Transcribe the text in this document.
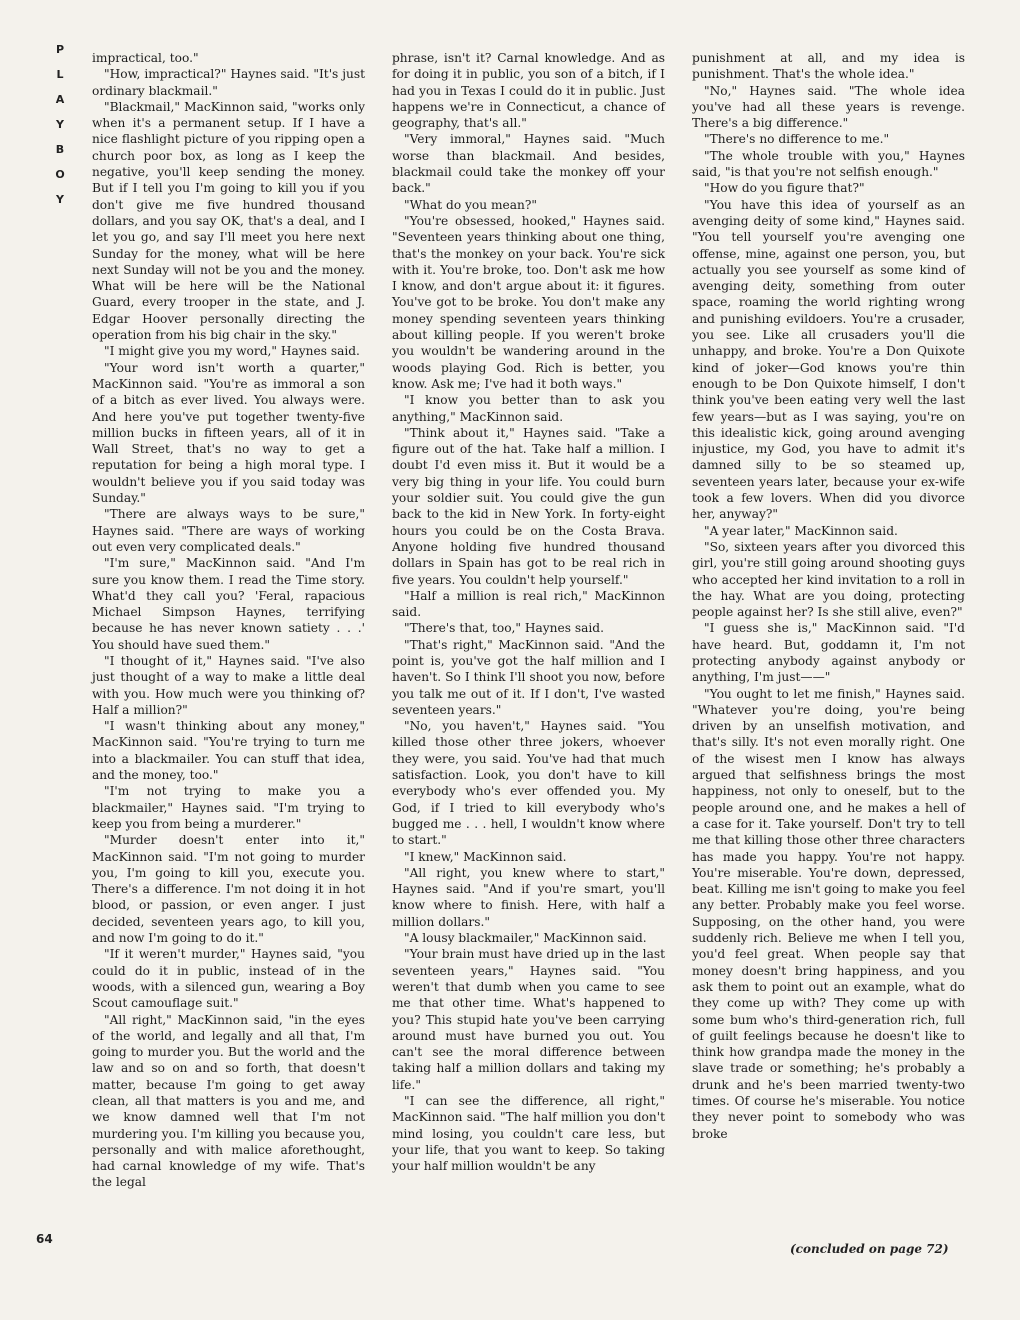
P
L
A
Y
B
O
Y

impractical, too."

"How, impractical?" Haynes said. "It's just ordinary blackmail."

"Blackmail," MacKinnon said, "works only when it's a permanent setup. If I have a nice flashlight picture of you ripping open a church poor box, as long as I keep the negative, you'll keep sending the money. But if I tell you I'm going to kill you if you don't give me five hundred thousand dollars, and you say OK, that's a deal, and I let you go, and say I'll meet you here next Sunday for the money, what will be here next Sunday will not be you and the money. What will be here will be the National Guard, every trooper in the state, and J. Edgar Hoover personally directing the operation from his big chair in the sky."

"I might give you my word," Haynes said.

"Your word isn't worth a quarter," MacKinnon said. "You're as immoral a son of a bitch as ever lived. You always were. And here you've put together twenty-five million bucks in fifteen years, all of it in Wall Street, that's no way to get a reputation for being a high moral type. I wouldn't believe you if you said today was Sunday."

"There are always ways to be sure," Haynes said. "There are ways of working out even very complicated deals."

"I'm sure," MacKinnon said. "And I'm sure you know them. I read the Time story. What'd they call you? 'Feral, rapacious Michael Simpson Haynes, terrifying because he has never known satiety . . .' You should have sued them."

"I thought of it," Haynes said. "I've also just thought of a way to make a little deal with you. How much were you thinking of? Half a million?"

"I wasn't thinking about any money," MacKinnon said. "You're trying to turn me into a blackmailer. You can stuff that idea, and the money, too."

"I'm not trying to make you a blackmailer," Haynes said. "I'm trying to keep you from being a murderer."

"Murder doesn't enter into it," MacKinnon said. "I'm not going to murder you, I'm going to kill you, execute you. There's a difference. I'm not doing it in hot blood, or passion, or even anger. I just decided, seventeen years ago, to kill you, and now I'm going to do it."

"If it weren't murder," Haynes said, "you could do it in public, instead of in the woods, with a silenced gun, wearing a Boy Scout camouflage suit."

"All right," MacKinnon said, "in the eyes of the world, and legally and all that, I'm going to murder you. But the world and the law and so on and so forth, that doesn't matter, because I'm going to get away clean, all that matters is you and me, and we know damned well that I'm not murdering you. I'm killing you because you, personally and with malice aforethought, had carnal knowledge of my wife. That's the legal

phrase, isn't it? Carnal knowledge. And as for doing it in public, you son of a bitch, if I had you in Texas I could do it in public. Just happens we're in Connecticut, a chance of geography, that's all."

"Very immoral," Haynes said. "Much worse than blackmail. And besides, blackmail could take the monkey off your back."

"What do you mean?"

"You're obsessed, hooked," Haynes said. "Seventeen years thinking about one thing, that's the monkey on your back. You're sick with it. You're broke, too. Don't ask me how I know, and don't argue about it: it figures. You've got to be broke. You don't make any money spending seventeen years thinking about killing people. If you weren't broke you wouldn't be wandering around in the woods playing God. Rich is better, you know. Ask me; I've had it both ways."

"I know you better than to ask you anything," MacKinnon said.

"Think about it," Haynes said. "Take a figure out of the hat. Take half a million. I doubt I'd even miss it. But it would be a very big thing in your life. You could burn your soldier suit. You could give the gun back to the kid in New York. In forty-eight hours you could be on the Costa Brava. Anyone holding five hundred thousand dollars in Spain has got to be real rich in five years. You couldn't help yourself."

"Half a million is real rich," MacKinnon said.

"There's that, too," Haynes said.

"That's right," MacKinnon said. "And the point is, you've got the half million and I haven't. So I think I'll shoot you now, before you talk me out of it. If I don't, I've wasted seventeen years."

"No, you haven't," Haynes said. "You killed those other three jokers, whoever they were, you said. You've had that much satisfaction. Look, you don't have to kill everybody who's ever offended you. My God, if I tried to kill everybody who's bugged me . . . hell, I wouldn't know where to start."

"I knew," MacKinnon said.

"All right, you knew where to start," Haynes said. "And if you're smart, you'll know where to finish. Here, with half a million dollars."

"A lousy blackmailer," MacKinnon said.

"Your brain must have dried up in the last seventeen years," Haynes said. "You weren't that dumb when you came to see me that other time. What's happened to you? This stupid hate you've been carrying around must have burned you out. You can't see the moral difference between taking half a million dollars and taking my life."

"I can see the difference, all right," MacKinnon said. "The half million you don't mind losing, you couldn't care less, but your life, that you want to keep. So taking your half million wouldn't be any

punishment at all, and my idea is punishment. That's the whole idea."

"No," Haynes said. "The whole idea you've had all these years is revenge. There's a big difference."

"There's no difference to me."

"The whole trouble with you," Haynes said, "is that you're not selfish enough."

"How do you figure that?"

"You have this idea of yourself as an avenging deity of some kind," Haynes said. "You tell yourself you're avenging one offense, mine, against one person, you, but actually you see yourself as some kind of avenging deity, something from outer space, roaming the world righting wrong and punishing evildoers. You're a crusader, you see. Like all crusaders you'll die unhappy, and broke. You're a Don Quixote kind of joker—God knows you're thin enough to be Don Quixote himself, I don't think you've been eating very well the last few years—but as I was saying, you're on this idealistic kick, going around avenging injustice, my God, you have to admit it's damned silly to be so steamed up, seventeen years later, because your ex-wife took a few lovers. When did you divorce her, anyway?"

"A year later," MacKinnon said.

"So, sixteen years after you divorced this girl, you're still going around shooting guys who accepted her kind invitation to a roll in the hay. What are you doing, protecting people against her? Is she still alive, even?"

"I guess she is," MacKinnon said. "I'd have heard. But, goddamn it, I'm not protecting anybody against anybody or anything, I'm just——"

"You ought to let me finish," Haynes said. "Whatever you're doing, you're being driven by an unselfish motivation, and that's silly. It's not even morally right. One of the wisest men I know has always argued that selfishness brings the most happiness, not only to oneself, but to the people around one, and he makes a hell of a case for it. Take yourself. Don't try to tell me that killing those other three characters has made you happy. You're not happy. You're miserable. You're down, depressed, beat. Killing me isn't going to make you feel any better. Probably make you feel worse. Supposing, on the other hand, you were suddenly rich. Believe me when I tell you, you'd feel great. When people say that money doesn't bring happiness, and you ask them to point out an example, what do they come up with? They come up with some bum who's third-generation rich, full of guilt feelings because he doesn't like to think how grandpa made the money in the slave trade or something; he's probably a drunk and he's been married twenty-two times. Of course he's miserable. You notice they never point to somebody who was broke

64
(concluded on page 72)
